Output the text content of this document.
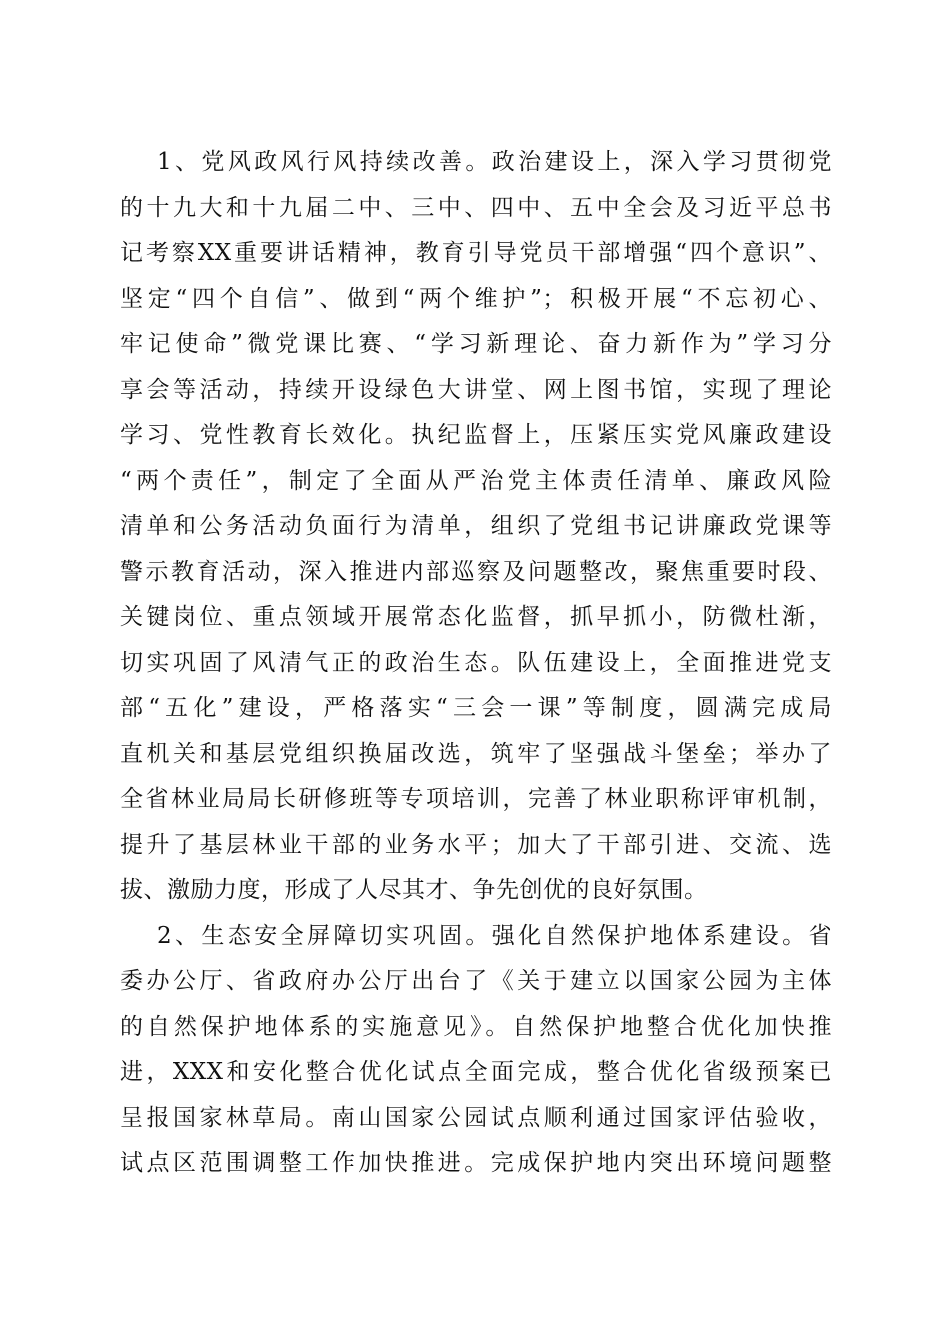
1、党风政风行风持续改善。政治建设上，深入学习贯彻党
的十九大和十九届二中、三中、四中、五中全会及习近平总书
记考察XX重要讲话精神，教育引导党员干部增强“四个意识”、
坚定“四个自信”、做到“两个维护”；积极开展“不忘初心、
牢记使命”微党课比赛、“学习新理论、奋力新作为”学习分
享会等活动，持续开设绿色大讲堂、网上图书馆，实现了理论
学习、党性教育长效化。执纪监督上，压紧压实党风廉政建设
“两个责任”，制定了全面从严治党主体责任清单、廉政风险
清单和公务活动负面行为清单，组织了党组书记讲廉政党课等
警示教育活动，深入推进内部巡察及问题整改，聚焦重要时段、
关键岗位、重点领域开展常态化监督，抓早抓小，防微杜渐，
切实巩固了风清气正的政治生态。队伍建设上，全面推进党支
部“五化”建设，严格落实“三会一课”等制度，圆满完成局
直机关和基层党组织换届改选，筑牢了坚强战斗堡垒；举办了
全省林业局局长研修班等专项培训，完善了林业职称评审机制，
提升了基层林业干部的业务水平；加大了干部引进、交流、选
拔、激励力度，形成了人尽其才、争先创优的良好氛围。
2、生态安全屏障切实巩固。强化自然保护地体系建设。省
委办公厅、省政府办公厅出台了《关于建立以国家公园为主体
的自然保护地体系的实施意见》。自然保护地整合优化加快推
进，XXX和安化整合优化试点全面完成，整合优化省级预案已
呈报国家林草局。南山国家公园试点顺利通过国家评估验收，
试点区范围调整工作加快推进。完成保护地内突出环境问题整
